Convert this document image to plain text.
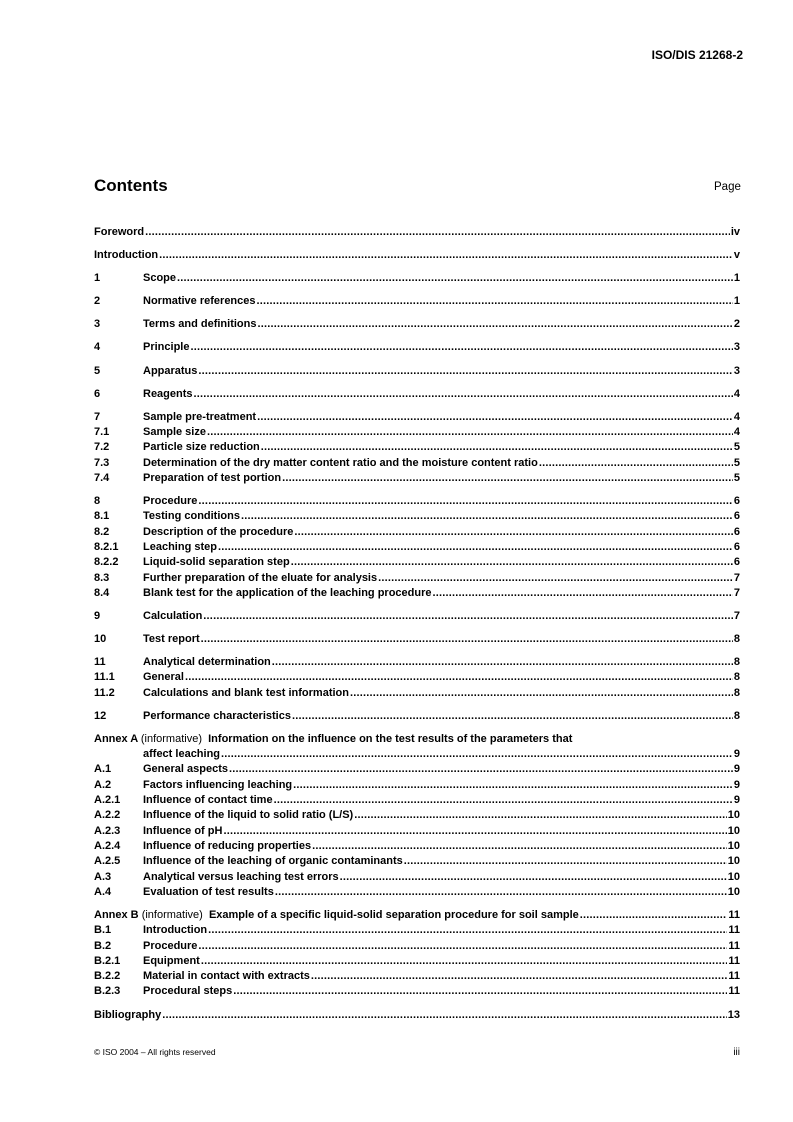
ISO/DIS 21268-2
Contents	Page
Foreword .....	iv
Introduction .....	v
1	Scope .....	1
2	Normative references .....	1
3	Terms and definitions .....	2
4	Principle .....	3
5	Apparatus .....	3
6	Reagents .....	4
7	Sample pre-treatment .....	4
7.1	Sample size .....	4
7.2	Particle size reduction .....	5
7.3	Determination of the dry matter content ratio and the moisture content ratio .....	5
7.4	Preparation of test portion .....	5
8	Procedure .....	6
8.1	Testing conditions .....	6
8.2	Description of the procedure .....	6
8.2.1	Leaching step .....	6
8.2.2	Liquid-solid separation step .....	6
8.3	Further preparation of the eluate for analysis .....	7
8.4	Blank test for the application of the leaching procedure .....	7
9	Calculation .....	7
10	Test report .....	8
11	Analytical determination .....	8
11.1	General .....	8
11.2	Calculations and blank test information .....	8
12	Performance characteristics .....	8
Annex A (informative) Information on the influence on the test results of the parameters that
affect leaching .....	9
A.1	General aspects .....	9
A.2	Factors influencing leaching .....	9
A.2.1	Influence of contact time .....	9
A.2.2	Influence of the liquid to solid ratio (L/S) .....	10
A.2.3	Influence of pH .....	10
A.2.4	Influence of reducing properties .....	10
A.2.5	Influence of the leaching of organic contaminants .....	10
A.3	Analytical versus leaching test errors .....	10
A.4	Evaluation of test results .....	10
Annex B (informative) Example of a specific liquid-solid separation procedure for soil sample .....	11
B.1	Introduction .....	11
B.2	Procedure .....	11
B.2.1	Equipment .....	11
B.2.2	Material in contact with extracts .....	11
B.2.3	Procedural steps .....	11
Bibliography .....	13
© ISO 2004 – All rights reserved	iii
